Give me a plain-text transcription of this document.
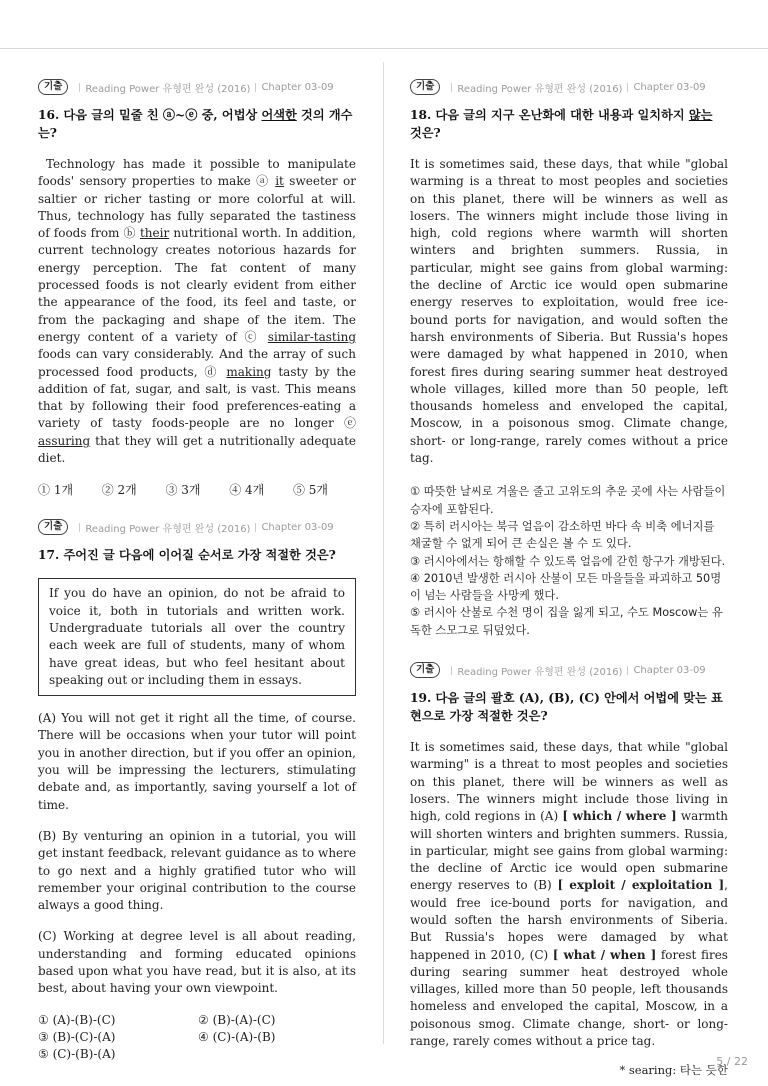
기출	Reading Power 유형편 완성 (2016) Chapter 03-09
16. 다음 글의 밑줄 친 ⓐ~ⓔ 중, 어법상 어색한 것의 개수는?
Technology has made it possible to manipulate foods' sensory properties to make ⓐ it sweeter or saltier or richer tasting or more colorful at will. Thus, technology has fully separated the tastiness of foods from ⓑ their nutritional worth. In addition, current technology creates notorious hazards for energy perception. The fat content of many processed foods is not clearly evident from either the appearance of the food, its feel and taste, or from the packaging and shape of the item. The energy content of a variety of ⓒ similar-tasting foods can vary considerably. And the array of such processed food products, ⓓ making tasty by the addition of fat, sugar, and salt, is vast. This means that by following their food preferences-eating a variety of tasty foods-people are no longer ⓔ assuring that they will get a nutritionally adequate diet.
① 1개 ② 2개 ③ 3개 ④ 4개 ⑤ 5개
기출	Reading Power 유형편 완성 (2016) Chapter 03-09
17. 주어진 글 다음에 이어질 순서로 가장 적절한 것은?
If you do have an opinion, do not be afraid to voice it, both in tutorials and written work. Undergraduate tutorials all over the country each week are full of students, many of whom have great ideas, but who feel hesitant about speaking out or including them in essays.
(A) You will not get it right all the time, of course. There will be occasions when your tutor will point you in another direction, but if you offer an opinion, you will be impressing the lecturers, stimulating debate and, as importantly, saving yourself a lot of time.
(B) By venturing an opinion in a tutorial, you will get instant feedback, relevant guidance as to where to go next and a highly gratified tutor who will remember your original contribution to the course always a good thing.
(C) Working at degree level is all about reading, understanding and forming educated opinions based upon what you have read, but it is also, at its best, about having your own viewpoint.
① (A)-(B)-(C)	② (B)-(A)-(C)
③ (B)-(C)-(A)	④ (C)-(A)-(B)
⑤ (C)-(B)-(A)
기출	Reading Power 유형편 완성 (2016) Chapter 03-09
18. 다음 글의 지구 온난화에 대한 내용과 일치하지 않는 것은?
It is sometimes said, these days, that while "global warming is a threat to most peoples and societies on this planet, there will be winners as well as losers. The winners might include those living in high, cold regions where warmth will shorten winters and brighten summers. Russia, in particular, might see gains from global warming: the decline of Arctic ice would open submarine energy reserves to exploitation, would free ice-bound ports for navigation, and would soften the harsh environments of Siberia. But Russia's hopes were damaged by what happened in 2010, when forest fires during searing summer heat destroyed whole villages, killed more than 50 people, left thousands homeless and enveloped the capital, Moscow, in a poisonous smog. Climate change, short- or long-range, rarely comes without a price tag.
① 따뜻한 날씨로 겨울은 줄고 고위도의 추운 곳에 사는 사람들이 승자에 포함된다.
② 특히 러시아는 북극 얼음이 감소하면 바다 속 비축 에너지를 채굴할 수 없게 되어 큰 손실은 볼 수 도 있다.
③ 러시아에서는 항해할 수 있도록 얼음에 갇힌 항구가 개방된다.
④ 2010년 발생한 러시아 산불이 모든 마을들을 파괴하고 50명이 넘는 사람들을 사망케 했다.
⑤ 러시아 산불로 수천 명이 집을 잃게 되고, 수도 Moscow는 유독한 스모그로 뒤덮었다.
기출	Reading Power 유형편 완성 (2016) Chapter 03-09
19. 다음 글의 괄호 (A), (B), (C) 안에서 어법에 맞는 표현으로 가장 적절한 것은?
It is sometimes said, these days, that while "global warming" is a threat to most peoples and societies on this planet, there will be winners as well as losers. The winners might include those living in high, cold regions in (A) [ which / where ] warmth will shorten winters and brighten summers. Russia, in particular, might see gains from global warming: the decline of Arctic ice would open submarine energy reserves to (B) [ exploit / exploitation ], would free ice-bound ports for navigation, and would soften the harsh environments of Siberia. But Russia's hopes were damaged by what happened in 2010, (C) [ what / when ] forest fires during searing summer heat destroyed whole villages, killed more than 50 people, left thousands homeless and enveloped the capital, Moscow, in a poisonous smog. Climate change, short- or long-range, rarely comes without a price tag.
* searing: 타는 듯한
5 / 22
